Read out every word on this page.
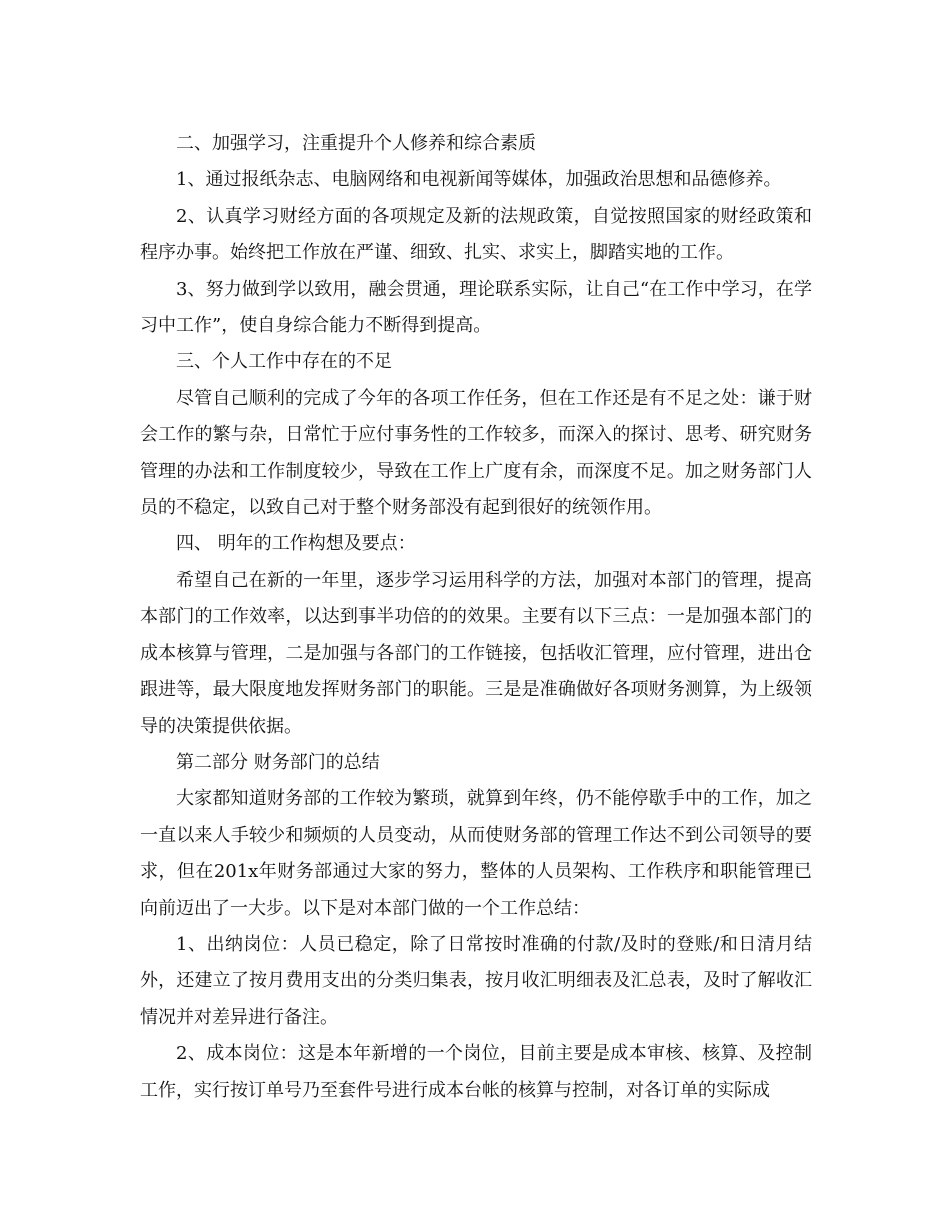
二、加强学习，注重提升个人修养和综合素质

1、通过报纸杂志、电脑网络和电视新闻等媒体，加强政治思想和品德修养。

2、认真学习财经方面的各项规定及新的法规政策，自觉按照国家的财经政策和程序办事。始终把工作放在严谨、细致、扎实、求实上，脚踏实地的工作。

3、努力做到学以致用，融会贯通，理论联系实际，让自己“在工作中学习，在学习中工作”，使自身综合能力不断得到提高。

三、个人工作中存在的不足

尽管自己顺利的完成了今年的各项工作任务，但在工作还是有不足之处：谦于财会工作的繁与杂，日常忙于应付事务性的工作较多，而深入的探讨、思考、研究财务管理的办法和工作制度较少，导致在工作上广度有余，而深度不足。加之财务部门人员的不稳定，以致自己对于整个财务部没有起到很好的统领作用。

四、 明年的工作构想及要点：

希望自己在新的一年里，逐步学习运用科学的方法，加强对本部门的管理，提高本部门的工作效率，以达到事半功倍的的效果。主要有以下三点：一是加强本部门的成本核算与管理，二是加强与各部门的工作链接，包括收汇管理，应付管理，进出仓跟进等，最大限度地发挥财务部门的职能。三是是准确做好各项财务测算，为上级领导的决策提供依据。

第二部分 财务部门的总结

大家都知道财务部的工作较为繁琐，就算到年终，仍不能停歇手中的工作，加之一直以来人手较少和频烦的人员变动，从而使财务部的管理工作达不到公司领导的要求，但在201x年财务部通过大家的努力，整体的人员架构、工作秩序和职能管理已向前迈出了一大步。以下是对本部门做的一个工作总结：

1、出纳岗位：人员已稳定，除了日常按时准确的付款/及时的登账/和日清月结外，还建立了按月费用支出的分类归集表，按月收汇明细表及汇总表，及时了解收汇情况并对差异进行备注。

2、成本岗位：这是本年新增的一个岗位，目前主要是成本审核、核算、及控制工作，实行按订单号乃至套件号进行成本台帐的核算与控制，对各订单的实际成
